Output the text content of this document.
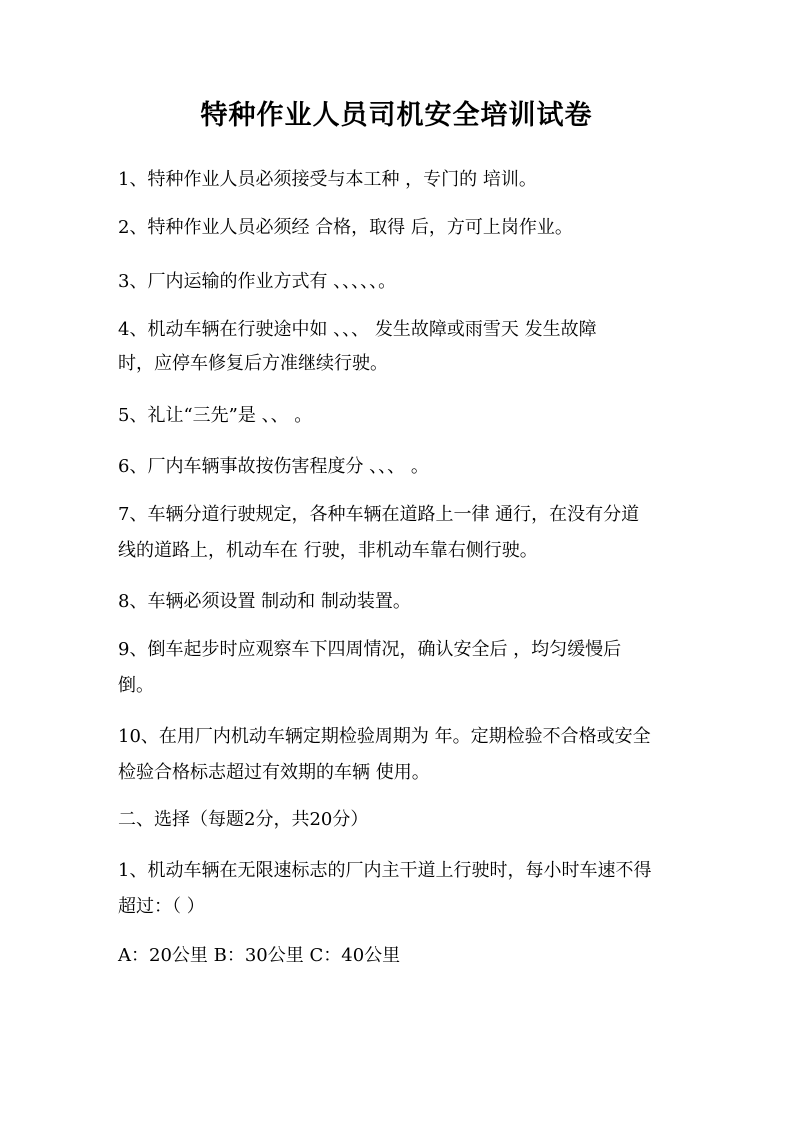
特种作业人员司机安全培训试卷
1、特种作业人员必须接受与本工种 ，专门的 培训。
2、特种作业人员必须经 合格，取得 后，方可上岗作业。
3、厂内运输的作业方式有 、、、、、。
4、机动车辆在行驶途中如 、、、 发生故障或雨雪天 发生故障
时，应停车修复后方准继续行驶。
5、礼让“三先”是 、、 。
6、厂内车辆事故按伤害程度分 、、、 。
7、车辆分道行驶规定，各种车辆在道路上一律 通行，在没有分道
线的道路上，机动车在 行驶，非机动车靠右侧行驶。
8、车辆必须设置 制动和 制动装置。
9、倒车起步时应观察车下四周情况，确认安全后 ，均匀缓慢后
倒。
10、在用厂内机动车辆定期检验周期为 年。定期检验不合格或安全
检验合格标志超过有效期的车辆 使用。
二、选择（每题2分，共20分）
1、机动车辆在无限速标志的厂内主干道上行驶时，每小时车速不得
超过：（ ）
A：20公里 B：30公里 C：40公里
